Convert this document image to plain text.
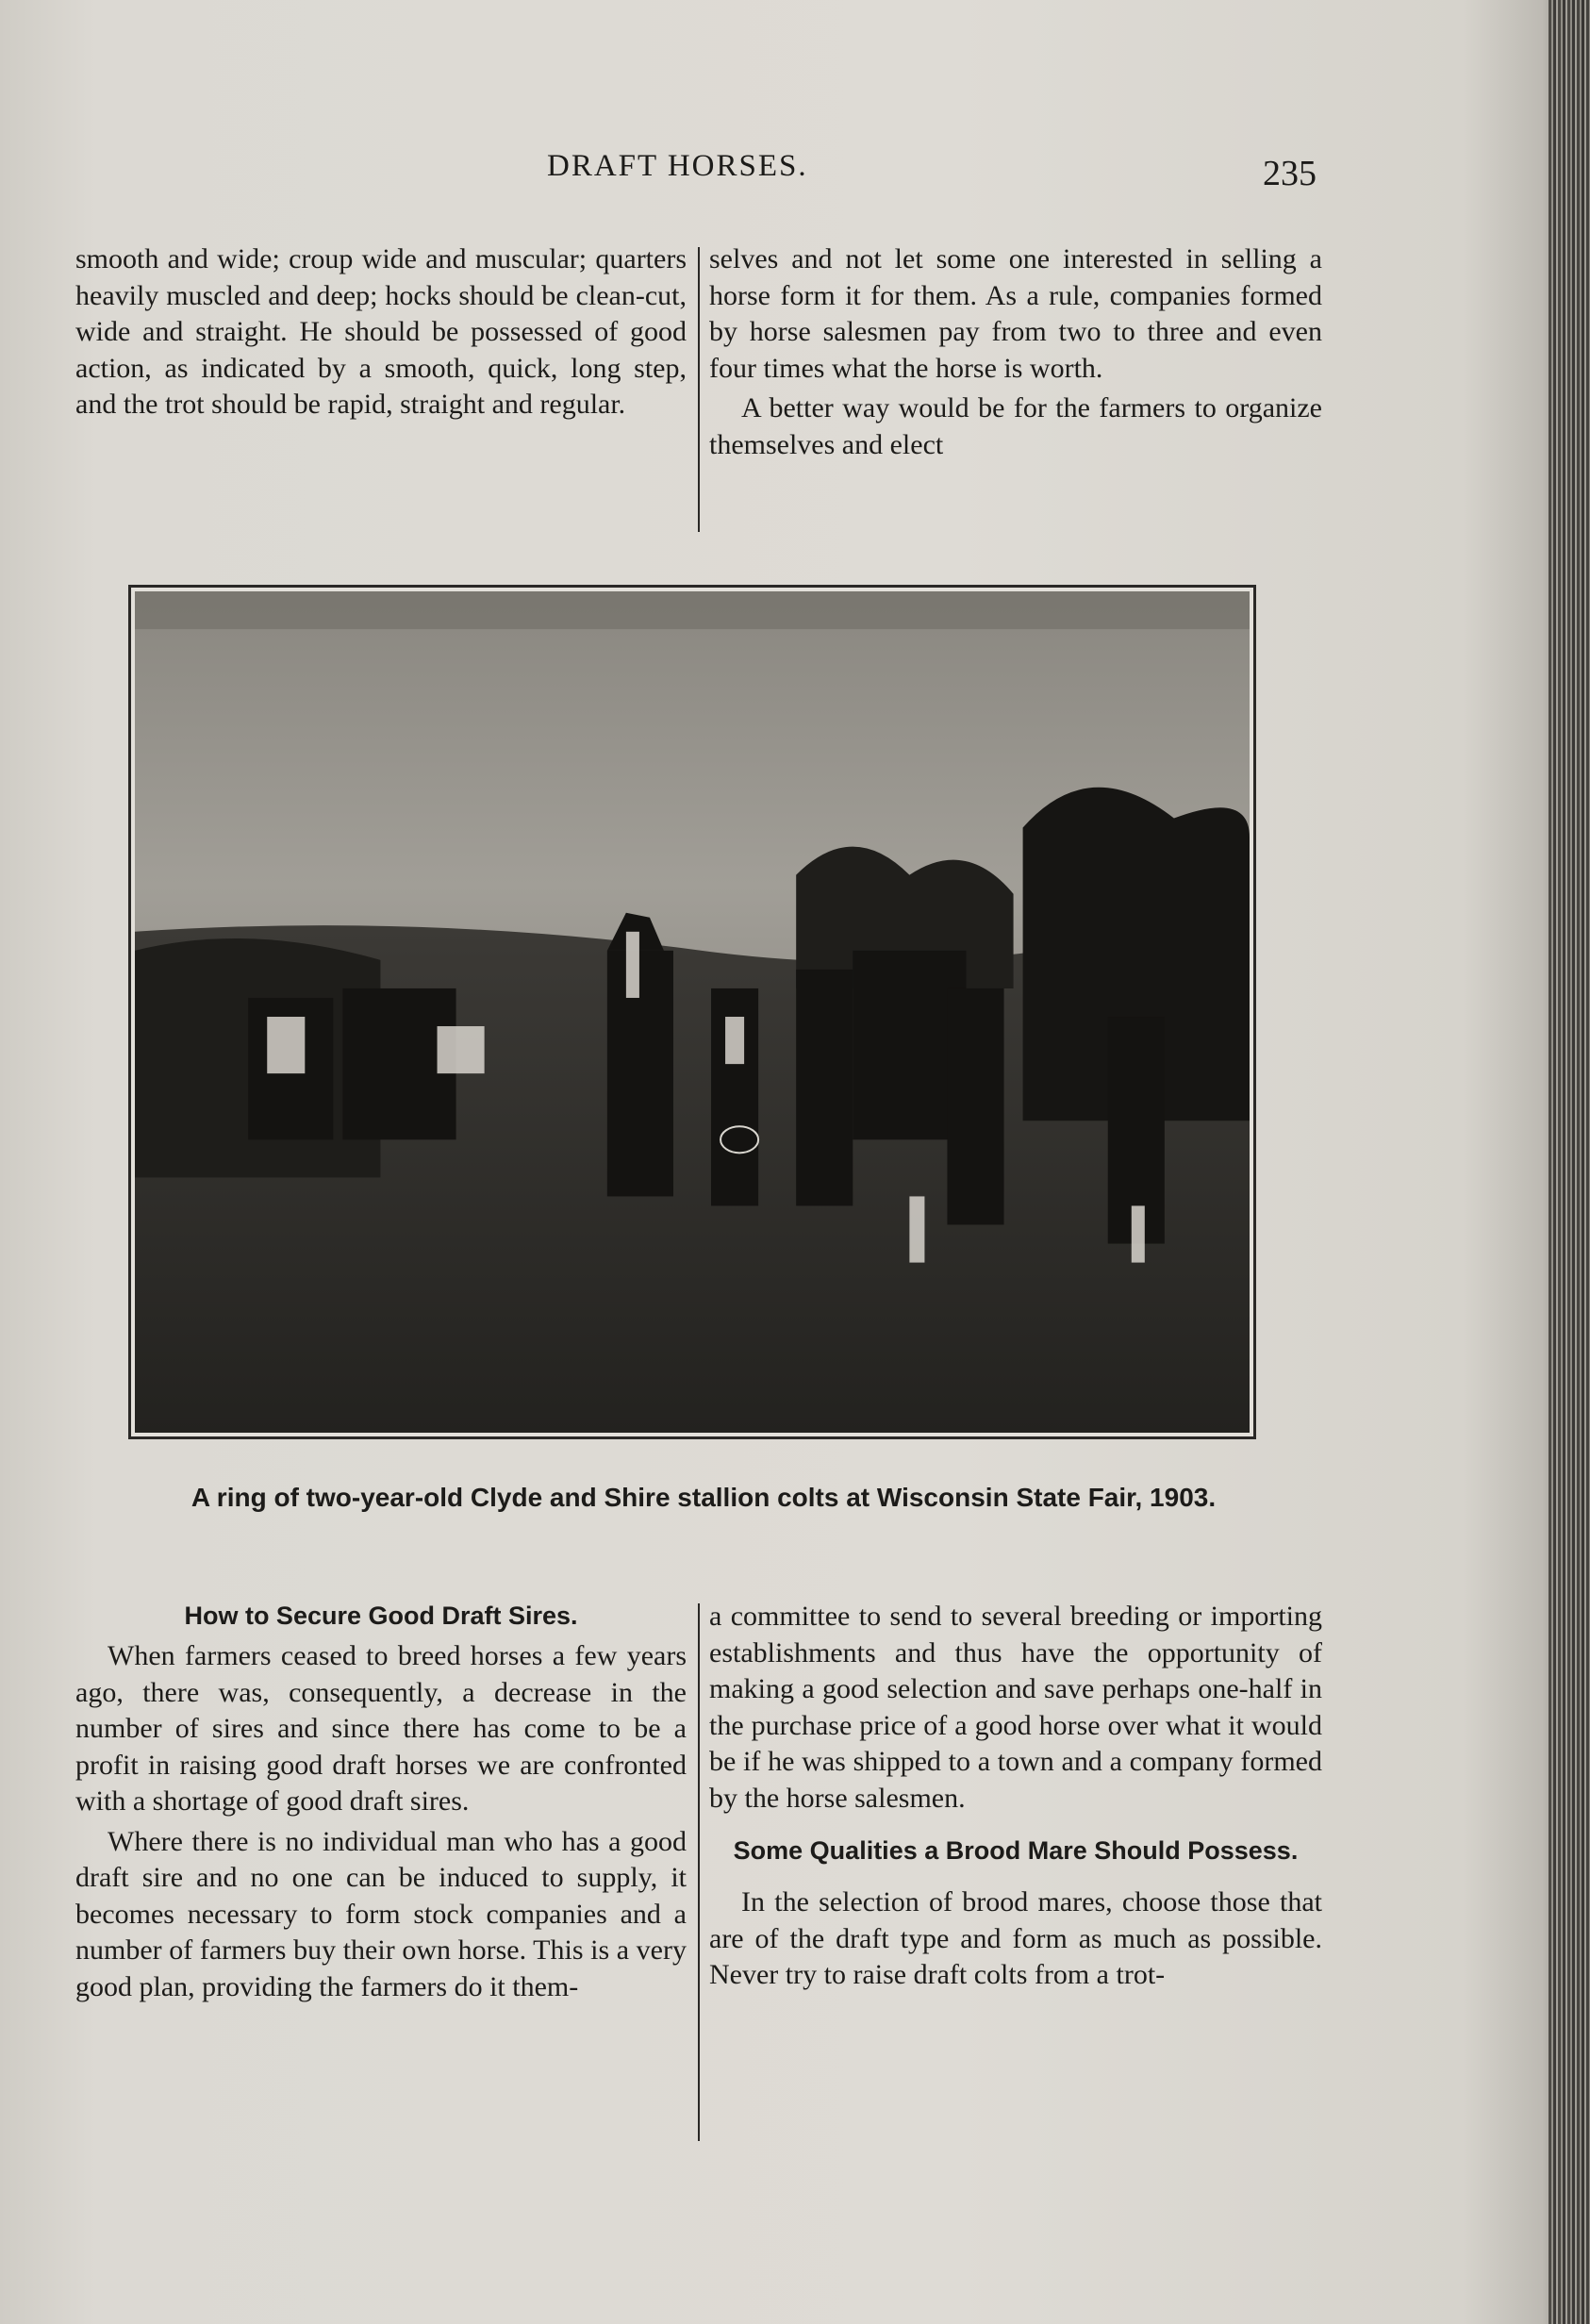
DRAFT HORSES.	235

smooth and wide; croup wide and muscular; quarters heavily muscled and deep; hocks should be clean-cut, wide and straight. He should be possessed of good action, as indicated by a smooth, quick, long step, and the trot should be rapid, straight and regular.

selves and not let some one interested in selling a horse form it for them. As a rule, companies formed by horse salesmen pay from two to three and even four times what the horse is worth.

A better way would be for the farmers to organize themselves and elect

A ring of two-year-old Clyde and Shire stallion colts at Wisconsin State Fair, 1903.
How to Secure Good Draft Sires.

When farmers ceased to breed horses a few years ago, there was, consequently, a decrease in the number of sires and since there has come to be a profit in raising good draft horses we are confronted with a shortage of good draft sires.

Where there is no individual man who has a good draft sire and no one can be induced to supply, it becomes necessary to form stock companies and a number of farmers buy their own horse. This is a very good plan, providing the farmers do it them-

a committee to send to several breeding or importing establishments and thus have the opportunity of making a good selection and save perhaps one-half in the purchase price of a good horse over what it would be if he was shipped to a town and a company formed by the horse salesmen.

Some Qualities a Brood Mare Should Possess.

In the selection of brood mares, choose those that are of the draft type and form as much as possible. Never try to raise draft colts from a trot-
